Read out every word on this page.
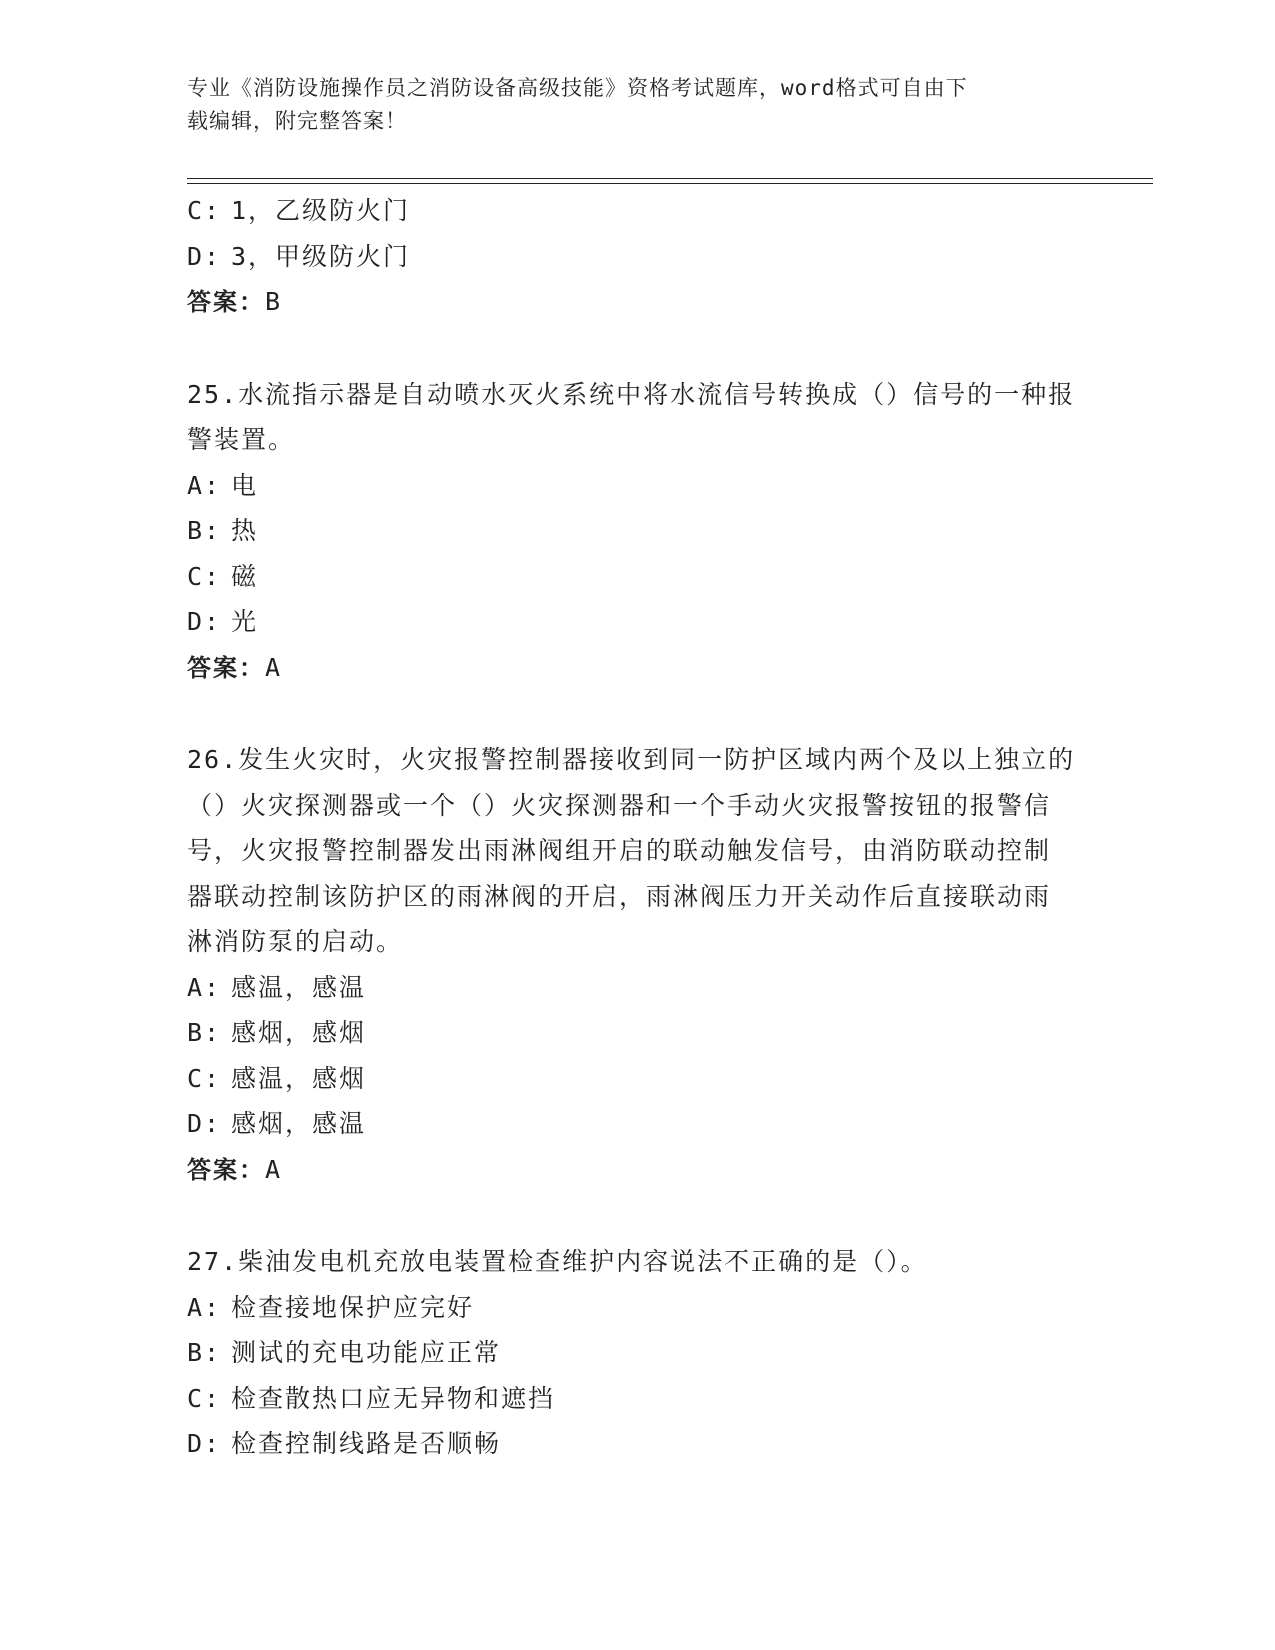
专业《消防设施操作员之消防设备高级技能》资格考试题库，word格式可自由下
载编辑，附完整答案！
C: 1，乙级防火门
D: 3，甲级防火门
答案：B
25.水流指示器是自动喷水灭火系统中将水流信号转换成（）信号的一种报警装置。
A: 电
B: 热
C: 磁
D: 光
答案：A
26.发生火灾时，火灾报警控制器接收到同一防护区域内两个及以上独立的（）火灾探测器或一个（）火灾探测器和一个手动火灾报警按钮的报警信号，火灾报警控制器发出雨淋阀组开启的联动触发信号，由消防联动控制器联动控制该防护区的雨淋阀的开启，雨淋阀压力开关动作后直接联动雨淋消防泵的启动。
A: 感温，感温
B: 感烟，感烟
C: 感温，感烟
D: 感烟，感温
答案：A
27.柴油发电机充放电装置检查维护内容说法不正确的是（）。
A: 检查接地保护应完好
B: 测试的充电功能应正常
C: 检查散热口应无异物和遮挡
D: 检查控制线路是否顺畅
